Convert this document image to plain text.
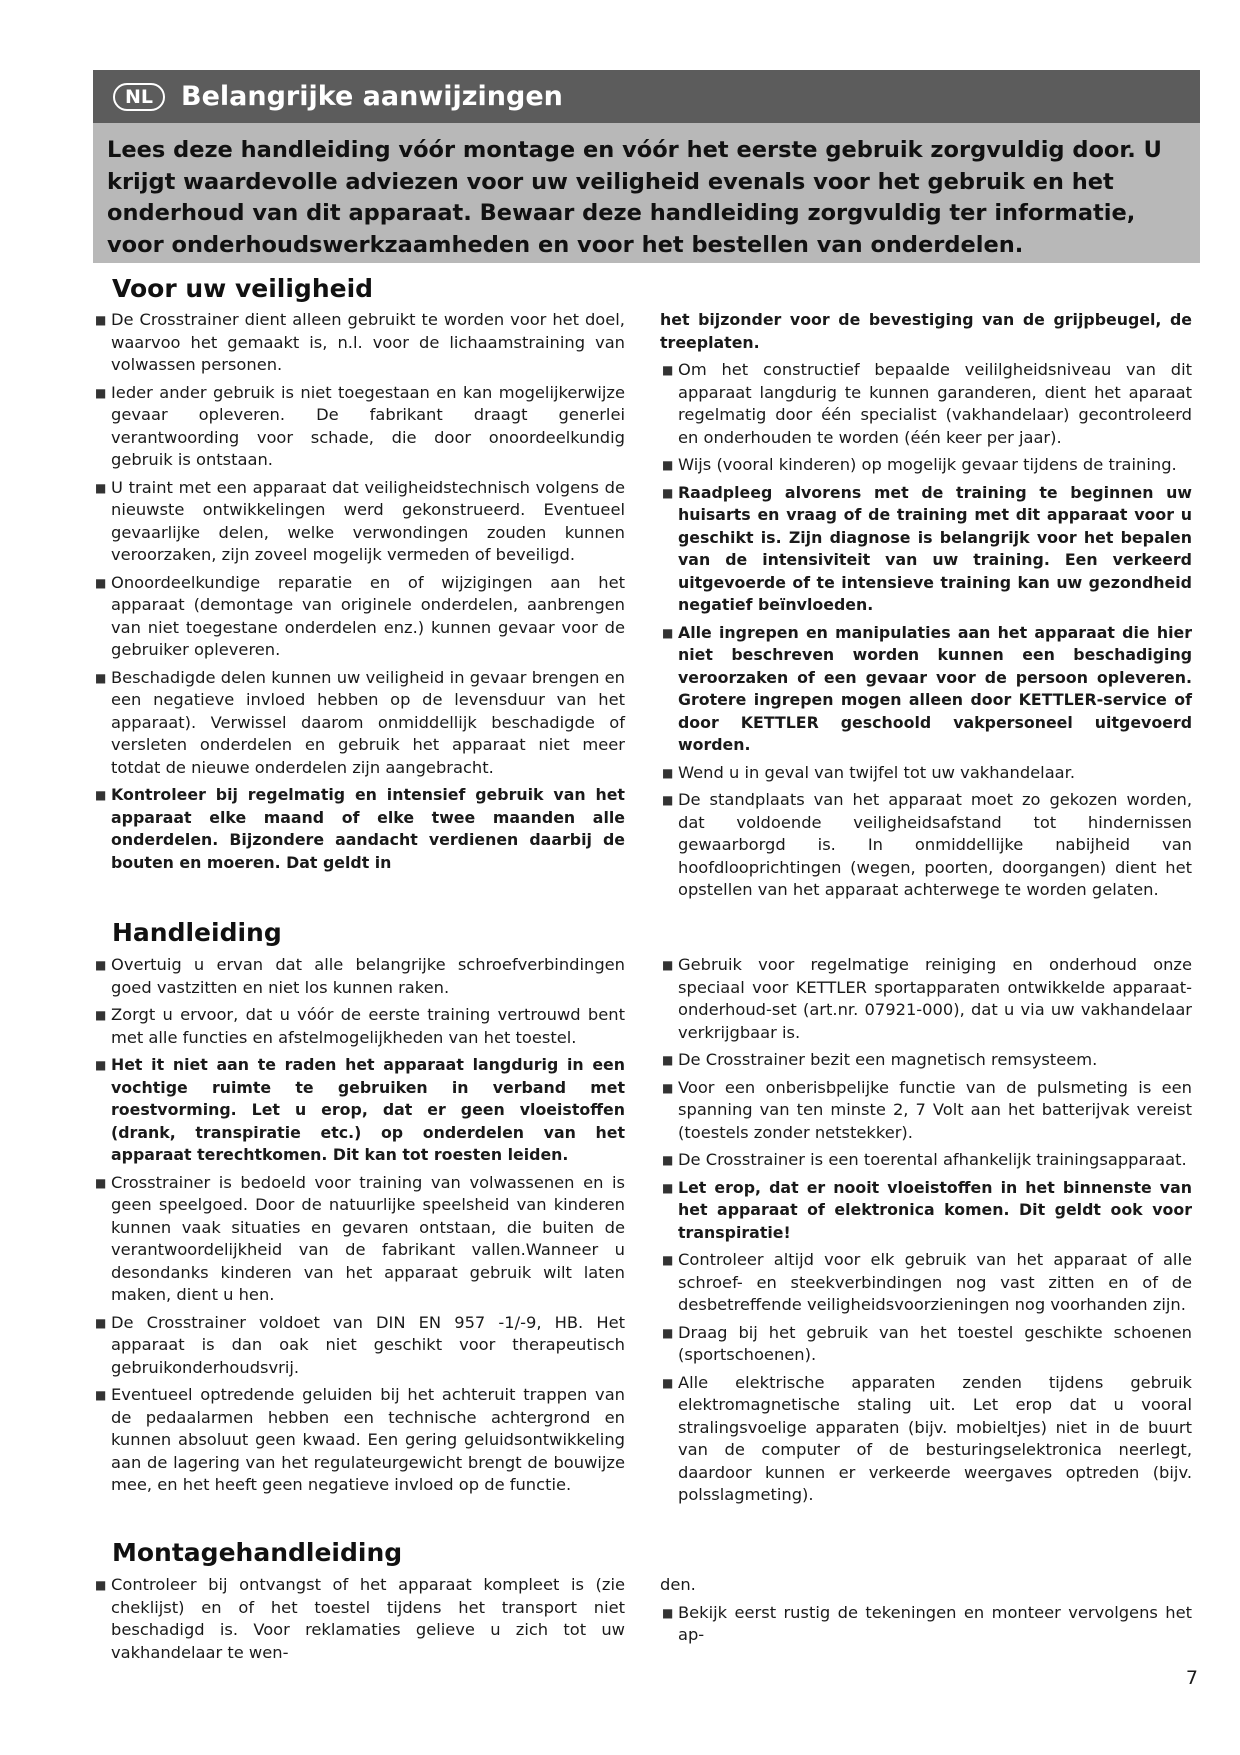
NL	Belangrijke aanwijzingen
Lees deze handleiding vóór montage en vóór het eerste gebruik zorgvuldig door. U krijgt waardevolle adviezen voor uw veiligheid evenals voor het gebruik en het onderhoud van dit apparaat. Bewaar deze handleiding zorgvuldig ter informatie, voor onderhoudswerkzaamheden en voor het bestellen van onderdelen.
Voor uw veiligheid
■ De Crosstrainer dient alleen gebruikt te worden voor het doel, waarvoo het gemaakt is, n.l. voor de lichaamstraining van volwassen personen.
■ Ieder ander gebruik is niet toegestaan en kan mogelijkerwijze gevaar opleveren. De fabrikant draagt generlei verantwoording voor schade, die door onoordeelkundig gebruik is ontstaan.
■ U traint met een apparaat dat veiligheidstechnisch volgens de nieuwste ontwikkelingen werd gekonstrueerd. Eventueel gevaarlijke delen, welke verwondingen zouden kunnen veroorzaken, zijn zoveel mogelijk vermeden of beveiligd.
■ Onoordeelkundige reparatie en of wijzigingen aan het apparaat (demontage van originele onderdelen, aanbrengen van niet toegestane onderdelen enz.) kunnen gevaar voor de gebruiker opleveren.
■ Beschadigde delen kunnen uw veiligheid in gevaar brengen en een negatieve invloed hebben op de levensduur van het apparaat). Verwissel daarom onmiddellijk beschadigde of versleten onderdelen en gebruik het apparaat niet meer totdat de nieuwe onderdelen zijn aangebracht.
■ Kontroleer bij regelmatig en intensief gebruik van het apparaat elke maand of elke twee maanden alle onderdelen. Bijzondere aandacht verdienen daarbij de bouten en moeren. Dat geldt in
het bijzonder voor de bevestiging van de grijpbeugel, de treeplaten.
■ Om het constructief bepaalde veililgheidsniveau van dit apparaat langdurig te kunnen garanderen, dient het aparaat regelmatig door één specialist (vakhandelaar) gecontroleerd en onderhouden te worden (één keer per jaar).
■ Wijs (vooral kinderen) op mogelijk gevaar tijdens de training.
■ Raadpleeg alvorens met de training te beginnen uw huisarts en vraag of de training met dit apparaat voor u geschikt is. Zijn diagnose is belangrijk voor het bepalen van de intensiviteit van uw training. Een verkeerd uitgevoerde of te intensieve training kan uw gezondheid negatief beïnvloeden.
■ Alle ingrepen en manipulaties aan het apparaat die hier niet beschreven worden kunnen een beschadiging veroorzaken of een gevaar voor de persoon opleveren. Grotere ingrepen mogen alleen door KETTLER-service of door KETTLER geschoold vakpersoneel uitgevoerd worden.
■ Wend u in geval van twijfel tot uw vakhandelaar.
■ De standplaats van het apparaat moet zo gekozen worden, dat voldoende veiligheidsafstand tot hindernissen gewaarborgd is. In onmiddellijke nabijheid van hoofdlooprichtingen (wegen, poorten, doorgangen) dient het opstellen van het apparaat achterwege te worden gelaten.
Handleiding
■ Overtuig u ervan dat alle belangrijke schroefverbindingen goed vastzitten en niet los kunnen raken.
■ Zorgt u ervoor, dat u vóór de eerste training vertrouwd bent met alle functies en afstelmogelijkheden van het toestel.
■ Het it niet aan te raden het apparaat langdurig in een vochtige ruimte te gebruiken in verband met roestvorming. Let u erop, dat er geen vloeistoffen (drank, transpiratie etc.) op onderdelen van het apparaat terechtkomen. Dit kan tot roesten leiden.
■ Crosstrainer is bedoeld voor training van volwassenen en is geen speelgoed. Door de natuurlijke speelsheid van kinderen kunnen vaak situaties en gevaren ontstaan, die buiten de verantwoordelijkheid van de fabrikant vallen.Wanneer u desondanks kinderen van het apparaat gebruik wilt laten maken, dient u hen.
■ De Crosstrainer voldoet van DIN EN 957 -1/-9, HB. Het apparaat is dan oak niet geschikt voor therapeutisch gebruikonderhoudsvrij.
■ Eventueel optredende geluiden bij het achteruit trappen van de pedaalarmen hebben een technische achtergrond en kunnen absoluut geen kwaad. Een gering geluidsontwikkeling aan de lagering van het regulateurgewicht brengt de bouwijze mee, en het heeft geen negatieve invloed op de functie.
■ Gebruik voor regelmatige reiniging en onderhoud onze speciaal voor KETTLER sportapparaten ontwikkelde apparaat-onderhoud-set (art.nr. 07921-000), dat u via uw vakhandelaar verkrijgbaar is.
■ De Crosstrainer bezit een magnetisch remsysteem.
■ Voor een onberisbpelijke functie van de pulsmeting is een spanning van ten minste 2, 7 Volt aan het batterijvak vereist (toestels zonder netstekker).
■ De Crosstrainer is een toerental afhankelijk trainingsapparaat.
■ Let erop, dat er nooit vloeistoffen in het binnenste van het apparaat of elektronica komen. Dit geldt ook voor transpiratie!
■ Controleer altijd voor elk gebruik van het apparaat of alle schroef- en steekverbindingen nog vast zitten en of de desbetreffende veiligheidsvoorzieningen nog voorhanden zijn.
■ Draag bij het gebruik van het toestel geschikte schoenen (sportschoenen).
■ Alle elektrische apparaten zenden tijdens gebruik elektromagnetische staling uit. Let erop dat u vooral stralingsvoelige apparaten (bijv. mobieltjes) niet in de buurt van de computer of de besturingselektronica neerlegt, daardoor kunnen er verkeerde weergaves optreden (bijv. polsslagmeting).
Montagehandleiding
■ Controleer bij ontvangst of het apparaat kompleet is (zie cheklijst) en of het toestel tijdens het transport niet beschadigd is. Voor reklamaties gelieve u zich tot uw vakhandelaar te wen-
den.
■ Bekijk eerst rustig de tekeningen en monteer vervolgens het ap-
7
